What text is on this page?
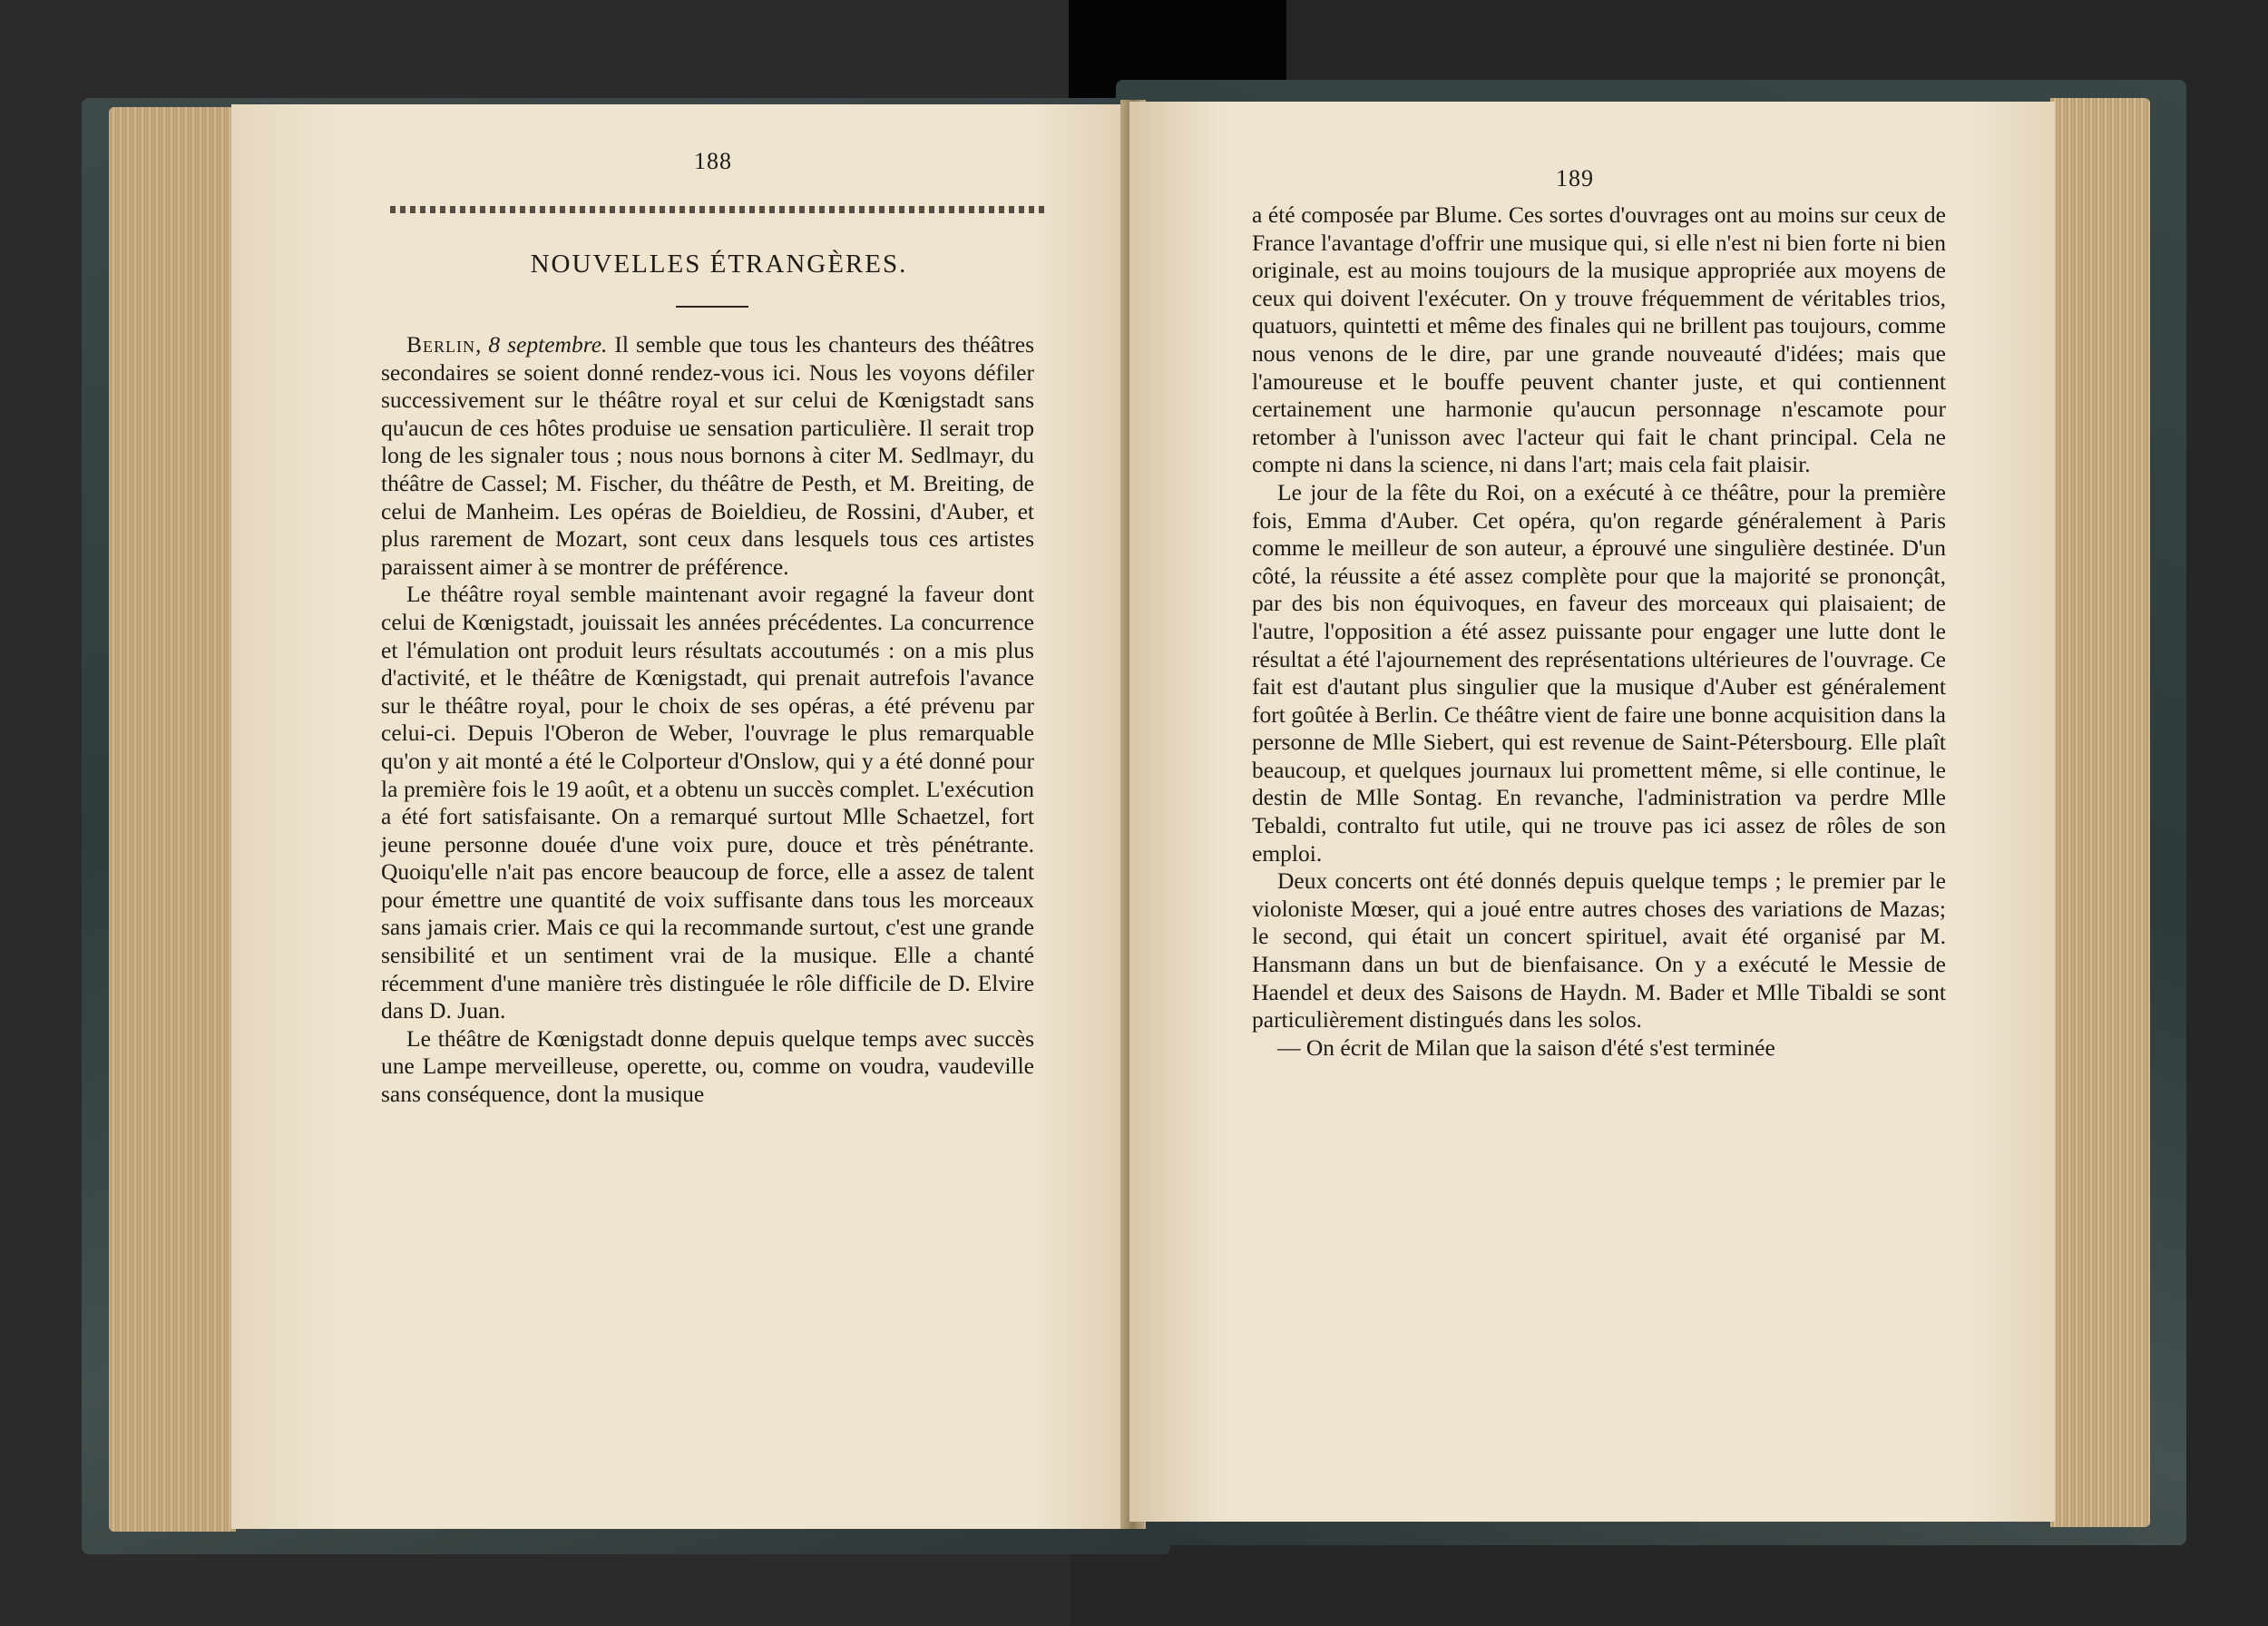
188
NOUVELLES ÉTRANGÈRES.

Berlin, 8 septembre. Il semble que tous les chanteurs des théâtres secondaires se soient donné rendez-vous ici. Nous les voyons défiler successivement sur le théâtre royal et sur celui de Kœnigstadt sans qu'aucun de ces hôtes produise ue sensation particulière. Il serait trop long de les signaler tous ; nous nous bornons à citer M. Sedlmayr, du théâtre de Cassel; M. Fischer, du théâtre de Pesth, et M. Breiting, de celui de Manheim. Les opéras de Boieldieu, de Rossini, d'Auber, et plus rarement de Mozart, sont ceux dans lesquels tous ces artistes paraissent aimer à se montrer de préférence.

Le théâtre royal semble maintenant avoir regagné la faveur dont celui de Kœnigstadt, jouissait les années précédentes. La concurrence et l'émulation ont produit leurs résultats accoutumés : on a mis plus d'activité, et le théâtre de Kœnigstadt, qui prenait autrefois l'avance sur le théâtre royal, pour le choix de ses opéras, a été prévenu par celui-ci. Depuis l'Oberon de Weber, l'ouvrage le plus remarquable qu'on y ait monté a été le Colporteur d'Onslow, qui y a été donné pour la première fois le 19 août, et a obtenu un succès complet. L'exécution a été fort satisfaisante. On a remarqué surtout Mlle Schaetzel, fort jeune personne douée d'une voix pure, douce et très pénétrante. Quoiqu'elle n'ait pas encore beaucoup de force, elle a assez de talent pour émettre une quantité de voix suffisante dans tous les morceaux sans jamais crier. Mais ce qui la recommande surtout, c'est une grande sensibilité et un sentiment vrai de la musique. Elle a chanté récemment d'une manière très distinguée le rôle difficile de D. Elvire dans D. Juan.

Le théâtre de Kœnigstadt donne depuis quelque temps avec succès une Lampe merveilleuse, operette, ou, comme on voudra, vaudeville sans conséquence, dont la musique

189

a été composée par Blume. Ces sortes d'ouvrages ont au moins sur ceux de France l'avantage d'offrir une musique qui, si elle n'est ni bien forte ni bien originale, est au moins toujours de la musique appropriée aux moyens de ceux qui doivent l'exécuter. On y trouve fréquemment de véritables trios, quatuors, quintetti et même des finales qui ne brillent pas toujours, comme nous venons de le dire, par une grande nouveauté d'idées; mais que l'amoureuse et le bouffe peuvent chanter juste, et qui contiennent certainement une harmonie qu'aucun personnage n'escamote pour retomber à l'unisson avec l'acteur qui fait le chant principal. Cela ne compte ni dans la science, ni dans l'art; mais cela fait plaisir.

Le jour de la fête du Roi, on a exécuté à ce théâtre, pour la première fois, Emma d'Auber. Cet opéra, qu'on regarde généralement à Paris comme le meilleur de son auteur, a éprouvé une singulière destinée. D'un côté, la réussite a été assez complète pour que la majorité se prononçât, par des bis non équivoques, en faveur des morceaux qui plaisaient; de l'autre, l'opposition a été assez puissante pour engager une lutte dont le résultat a été l'ajournement des représentations ultérieures de l'ouvrage. Ce fait est d'autant plus singulier que la musique d'Auber est généralement fort goûtée à Berlin. Ce théâtre vient de faire une bonne acquisition dans la personne de Mlle Siebert, qui est revenue de Saint-Pétersbourg. Elle plaît beaucoup, et quelques journaux lui promettent même, si elle continue, le destin de Mlle Sontag. En revanche, l'administration va perdre Mlle Tebaldi, contralto fut utile, qui ne trouve pas ici assez de rôles de son emploi.

Deux concerts ont été donnés depuis quelque temps ; le premier par le violoniste Mœser, qui a joué entre autres choses des variations de Mazas; le second, qui était un concert spirituel, avait été organisé par M. Hansmann dans un but de bienfaisance. On y a exécuté le Messie de Haendel et deux des Saisons de Haydn. M. Bader et Mlle Tibaldi se sont particulièrement distingués dans les solos.

— On écrit de Milan que la saison d'été s'est terminée
